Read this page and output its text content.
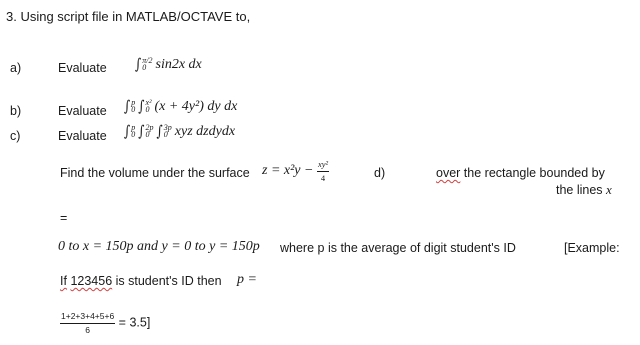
3. Using script file in MATLAB/OCTAVE to,
a)	Evaluate ∫ π/2
0 sin2x dx
b)	Evaluate ∫ p
0 ∫ x²
0 (x + 4y²) dy dx
c)	Evaluate ∫ p
0 ∫ 2p
0 ∫ 3p
0 xyz dzdydx
Find the volume under the surface $z = x^2y - \frac{\text{xy²}}{4}$	d)	over the rectangle bounded by
the lines x
=
0 to x = 150p and y = 0 to y = 150p where p is the average of digit student's ID	[Example:
If 123456 is student's ID then p =
$\frac{1+2+3+4+5+6}{6} = 3.5$]
